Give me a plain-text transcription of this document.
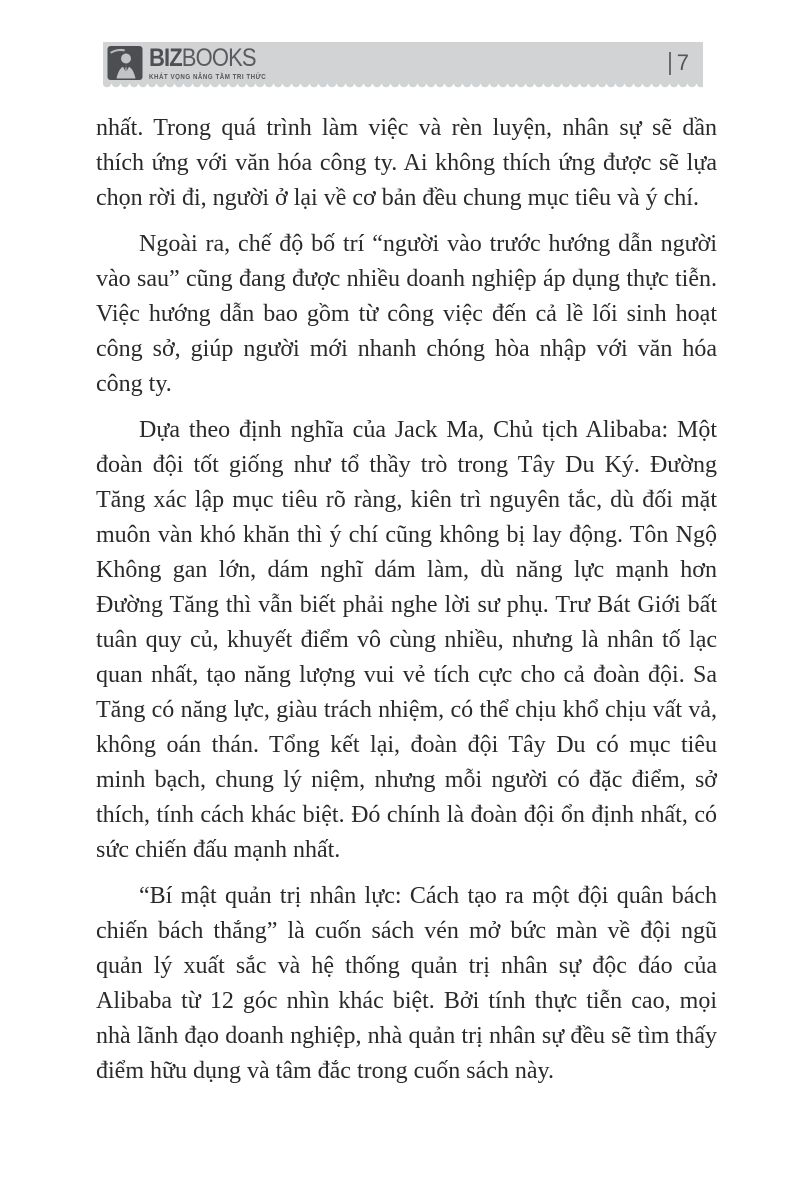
BIZBOOKS
KHÁT VỌNG NÂNG TẦM TRI THỨC
7

nhất. Trong quá trình làm việc và rèn luyện, nhân sự sẽ dần thích ứng với văn hóa công ty. Ai không thích ứng được sẽ lựa chọn rời đi, người ở lại về cơ bản đều chung mục tiêu và ý chí.

Ngoài ra, chế độ bố trí “người vào trước hướng dẫn người vào sau” cũng đang được nhiều doanh nghiệp áp dụng thực tiễn. Việc hướng dẫn bao gồm từ công việc đến cả lề lối sinh hoạt công sở, giúp người mới nhanh chóng hòa nhập với văn hóa công ty.

Dựa theo định nghĩa của Jack Ma, Chủ tịch Alibaba: Một đoàn đội tốt giống như tổ thầy trò trong Tây Du Ký. Đường Tăng xác lập mục tiêu rõ ràng, kiên trì nguyên tắc, dù đối mặt muôn vàn khó khăn thì ý chí cũng không bị lay động. Tôn Ngộ Không gan lớn, dám nghĩ dám làm, dù năng lực mạnh hơn Đường Tăng thì vẫn biết phải nghe lời sư phụ. Trư Bát Giới bất tuân quy củ, khuyết điểm vô cùng nhiều, nhưng là nhân tố lạc quan nhất, tạo năng lượng vui vẻ tích cực cho cả đoàn đội. Sa Tăng có năng lực, giàu trách nhiệm, có thể chịu khổ chịu vất vả, không oán thán. Tổng kết lại, đoàn đội Tây Du có mục tiêu minh bạch, chung lý niệm, nhưng mỗi người có đặc điểm, sở thích, tính cách khác biệt. Đó chính là đoàn đội ổn định nhất, có sức chiến đấu mạnh nhất.

“Bí mật quản trị nhân lực: Cách tạo ra một đội quân bách chiến bách thắng” là cuốn sách vén mở bức màn về đội ngũ quản lý xuất sắc và hệ thống quản trị nhân sự độc đáo của Alibaba từ 12 góc nhìn khác biệt. Bởi tính thực tiễn cao, mọi nhà lãnh đạo doanh nghiệp, nhà quản trị nhân sự đều sẽ tìm thấy điểm hữu dụng và tâm đắc trong cuốn sách này.
